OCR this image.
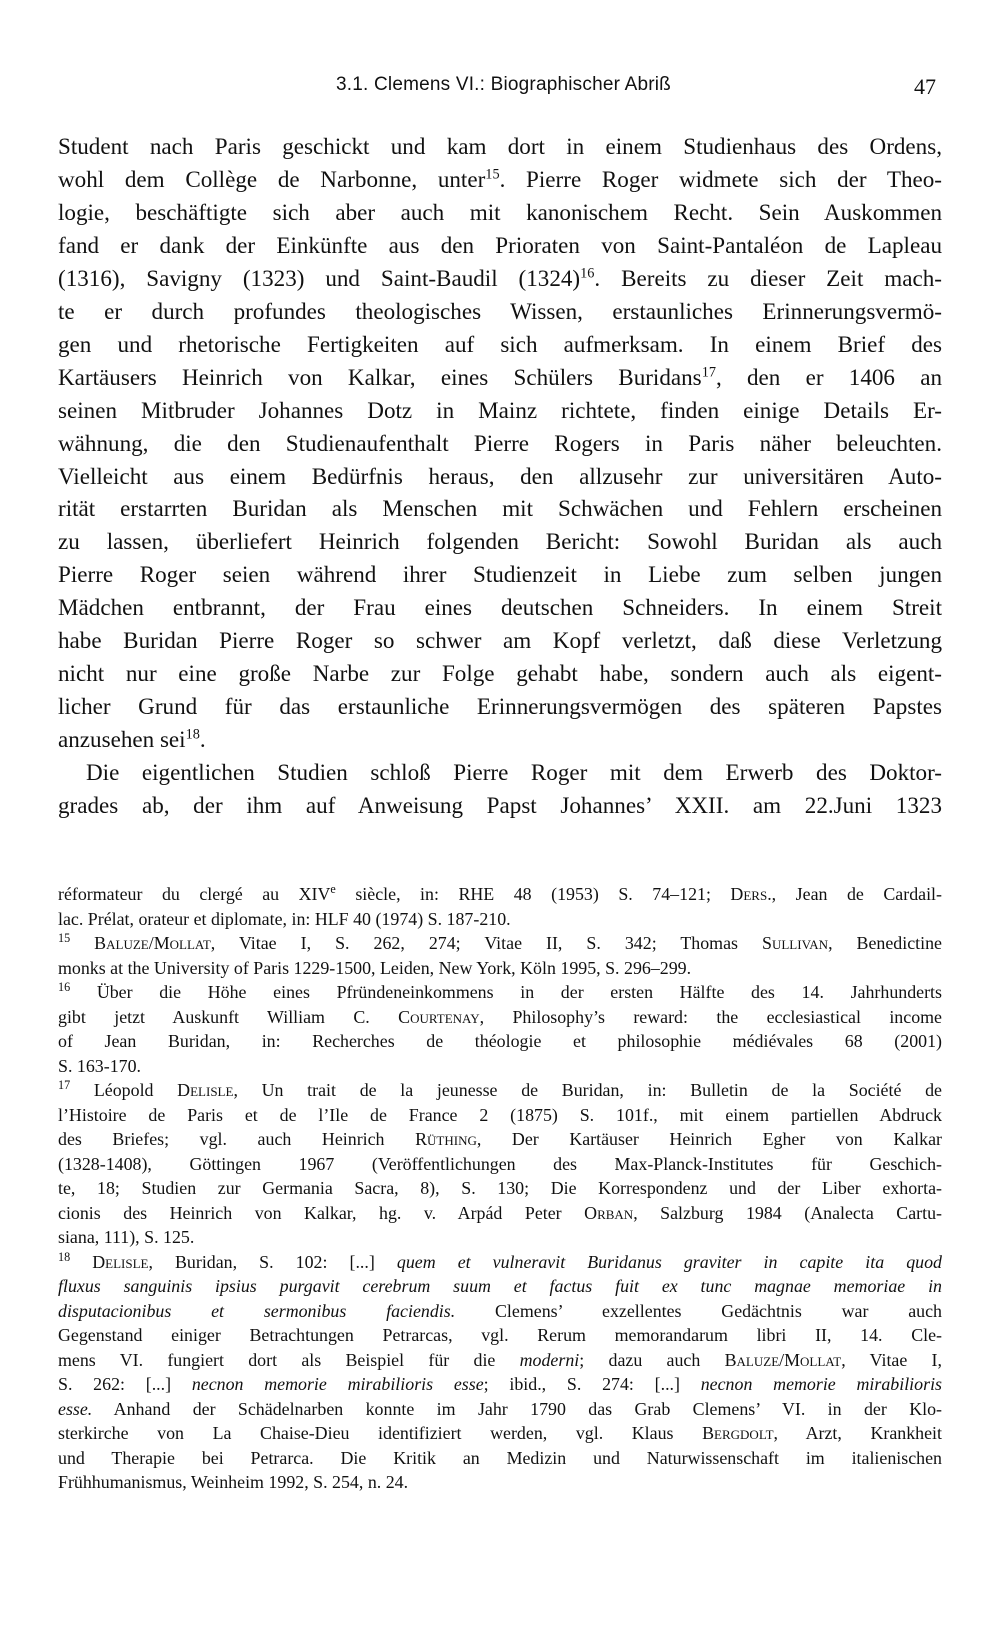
3.1. Clemens VI.: Biographischer Abriß	47
Student nach Paris geschickt und kam dort in einem Studienhaus des Ordens,
wohl dem Collège de Narbonne, unter$^{15}$. Pierre Roger widmete sich der Theo-
logie, beschäftigte sich aber auch mit kanonischem Recht. Sein Auskommen
fand er dank der Einkünfte aus den Prioraten von Saint-Pantaléon de Lapleau
(1316), Savigny (1323) und Saint-Baudil $(1324)^{16}$. Bereits zu dieser Zeit mach-
te er durch profundes theologisches Wissen, erstaunliches Erinnerungsvermö-
gen und rhetorische Fertigkeiten auf sich aufmerksam. In einem Brief des
Kartäusers Heinrich von Kalkar, eines Schülers Buridans$^{17}$, den er 1406 an
seinen Mitbruder Johannes Dotz in Mainz richtete, finden einige Details Er-
wähnung, die den Studienaufenthalt Pierre Rogers in Paris näher beleuchten.
Vielleicht aus einem Bedürfnis heraus, den allzusehr zur universitären Auto-
rität erstarrten Buridan als Menschen mit Schwächen und Fehlern erscheinen
zu lassen, überliefert Heinrich folgenden Bericht: Sowohl Buridan als auch
Pierre Roger seien während ihrer Studienzeit in Liebe zum selben jungen
Mädchen entbrannt, der Frau eines deutschen Schneiders. In einem Streit
habe Buridan Pierre Roger so schwer am Kopf verletzt, daß diese Verletzung
nicht nur eine große Narbe zur Folge gehabt habe, sondern auch als eigent-
licher Grund für das erstaunliche Erinnerungsvermögen des späteren Papstes
anzusehen sei$^{18}$.
Die eigentlichen Studien schloß Pierre Roger mit dem Erwerb des Doktor-
grades ab, der ihm auf Anweisung Papst Johannes’ XXII. am 22.Juni 1323
réformateur du clergé au XIVe siècle, in: RHE 48 (1953) S. 74–121; Ders., Jean de Cardail-
lac. Prélat, orateur et diplomate, in: HLF 40 (1974) S. 187-210.
$^{15}$ Baluze/Mollat, Vitae I, S. 262, 274; Vitae II, S. 342; Thomas Sullivan, Benedictine
monks at the University of Paris 1229-1500, Leiden, New York, Köln 1995, S. 296–299.
$^{16}$ Über die Höhe eines Pfründeneinkommens in der ersten Hälfte des 14. Jahrhunderts
gibt jetzt Auskunft William C. Courtenay, Philosophy’s reward: the ecclesiastical income
of Jean Buridan, in: Recherches de théologie et philosophie médiévales 68 (2001)
S. 163-170.
$^{17}$ Léopold Delisle, Un trait de la jeunesse de Buridan, in: Bulletin de la Société de
l’Histoire de Paris et de l’Ile de France 2 (1875) S. 101f., mit einem partiellen Abdruck
des Briefes; vgl. auch Heinrich Rüthing, Der Kartäuser Heinrich Egher von Kalkar
(1328-1408), Göttingen 1967 (Veröffentlichungen des Max-Planck-Institutes für Geschich-
te, 18; Studien zur Germania Sacra, 8), S. 130; Die Korrespondenz und der Liber exhorta-
cionis des Heinrich von Kalkar, hg. v. Arpád Peter Orban, Salzburg 1984 (Analecta Cartu-
siana, 111), S. 125.
$^{18}$ Delisle, Buridan, S. 102: [...] quem et vulneravit Buridanus graviter in capite ita quod
fluxus sanguinis ipsius purgavit cerebrum suum et factus fuit ex tunc magnae memoriae in
disputacionibus et sermonibus faciendis. Clemens’ exzellentes Gedächtnis war auch
Gegenstand einiger Betrachtungen Petrarcas, vgl. Rerum memorandarum libri II, 14. Cle-
mens VI. fungiert dort als Beispiel für die moderni; dazu auch Baluze/Mollat, Vitae I,
S. 262: [...] necnon memorie mirabilioris esse; ibid., S. 274: [...] necnon memorie mirabilioris
esse. Anhand der Schädelnarben konnte im Jahr 1790 das Grab Clemens’ VI. in der Klo-
sterkirche von La Chaise-Dieu identifiziert werden, vgl. Klaus Bergdolt, Arzt, Krankheit
und Therapie bei Petrarca. Die Kritik an Medizin und Naturwissenschaft im italienischen
Frühhumanismus, Weinheim 1992, S. 254, n. 24.
